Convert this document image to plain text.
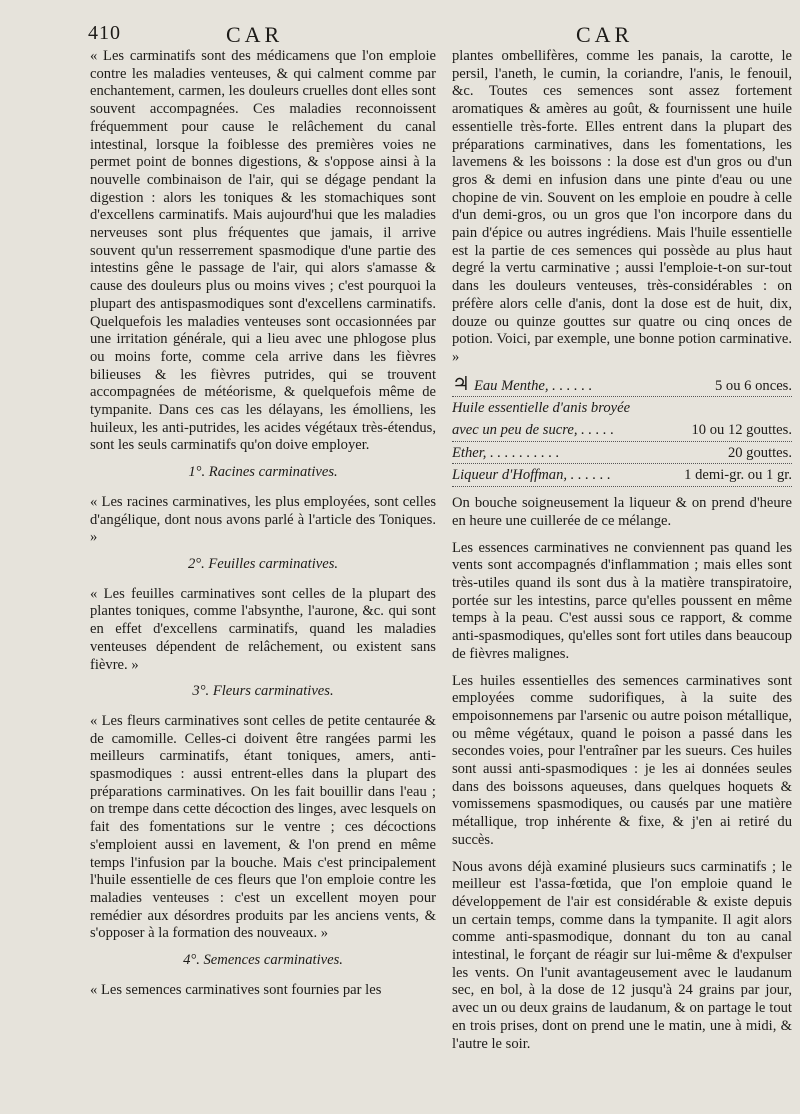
410	CAR	CAR

« Les carminatifs sont des médicamens que l'on emploie contre les maladies venteuses, & qui calment comme par enchantement, carmen, les douleurs cruelles dont elles sont souvent accompagnées. Ces maladies reconnoissent fréquemment pour cause le relâchement du canal intestinal, lorsque la foiblesse des premières voies ne permet point de bonnes digestions, & s'oppose ainsi à la nouvelle combinaison de l'air, qui se dégage pendant la digestion : alors les toniques & les stomachiques sont d'excellens carminatifs. Mais aujourd'hui que les maladies nerveuses sont plus fréquentes que jamais, il arrive souvent qu'un resserrement spasmodique d'une partie des intestins gêne le passage de l'air, qui alors s'amasse & cause des douleurs plus ou moins vives ; c'est pourquoi la plupart des antispasmodiques sont d'excellens carminatifs. Quelquefois les maladies venteuses sont occasionnées par une irritation générale, qui a lieu avec une phlogose plus ou moins forte, comme cela arrive dans les fièvres bilieuses & les fièvres putrides, qui se trouvent accompagnées de météorisme, & quelquefois même de tympanite. Dans ces cas les délayans, les émolliens, les huileux, les anti-putrides, les acides végétaux très-étendus, sont les seuls carminatifs qu'on doive employer.

1°. Racines carminatives.

« Les racines carminatives, les plus employées, sont celles d'angélique, dont nous avons parlé à l'article des Toniques. »

2°. Feuilles carminatives.

« Les feuilles carminatives sont celles de la plupart des plantes toniques, comme l'absynthe, l'aurone, &c. qui sont en effet d'excellens carminatifs, quand les maladies venteuses dépendent de relâchement, ou existent sans fièvre. »

3°. Fleurs carminatives.

« Les fleurs carminatives sont celles de petite centaurée & de camomille. Celles-ci doivent être rangées parmi les meilleurs carminatifs, étant toniques, amers, anti-spasmodiques : aussi entrent-elles dans la plupart des préparations carminatives. On les fait bouillir dans l'eau ; on trempe dans cette décoction des linges, avec lesquels on fait des fomentations sur le ventre ; ces décoctions s'emploient aussi en lavement, & l'on prend en même temps l'infusion par la bouche. Mais c'est principalement l'huile essentielle de ces fleurs que l'on emploie contre les maladies venteuses : c'est un excellent moyen pour remédier aux désordres produits par les anciens vents, & s'opposer à la formation des nouveaux. »

4°. Semences carminatives.

« Les semences carminatives sont fournies par les

plantes ombellifères, comme les panais, la carotte, le persil, l'aneth, le cumin, la coriandre, l'anis, le fenouil, &c. Toutes ces semences sont assez fortement aromatiques & amères au goût, & fournissent une huile essentielle très-forte. Elles entrent dans la plupart des préparations carminatives, dans les fomentations, les lavemens & les boissons : la dose est d'un gros ou d'un gros & demi en infusion dans une pinte d'eau ou une chopine de vin. Souvent on les emploie en poudre à celle d'un demi-gros, ou un gros que l'on incorpore dans du pain d'épice ou autres ingrédiens. Mais l'huile essentielle est la partie de ces semences qui possède au plus haut degré la vertu carminative ; aussi l'emploie-t-on sur-tout dans les douleurs venteuses, très-considérables : on préfère alors celle d'anis, dont la dose est de huit, dix, douze ou quinze gouttes sur quatre ou cinq onces de potion. Voici, par exemple, une bonne potion carminative. »

♃ Eau Menthe, . . . . . .	5 ou 6 onces.
Huile essentielle d'anis broyée
avec un peu de sucre, . . . . .	10 ou 12 gouttes.
Ether, . . . . . . . . . .	20 gouttes.
Liqueur d'Hoffman, . . . . . .	1 demi-gr. ou 1 gr.

On bouche soigneusement la liqueur & on prend d'heure en heure une cuillerée de ce mélange.

Les essences carminatives ne conviennent pas quand les vents sont accompagnés d'inflammation ; mais elles sont très-utiles quand ils sont dus à la matière transpiratoire, portée sur les intestins, parce qu'elles poussent en même temps à la peau. C'est aussi sous ce rapport, & comme anti-spasmodiques, qu'elles sont fort utiles dans beaucoup de fièvres malignes.

Les huiles essentielles des semences carminatives sont employées comme sudorifiques, à la suite des empoisonnemens par l'arsenic ou autre poison métallique, ou même végétaux, quand le poison a passé dans les secondes voies, pour l'entraîner par les sueurs. Ces huiles sont aussi anti-spasmodiques : je les ai données seules dans des boissons aqueuses, dans quelques hoquets & vomissemens spasmodiques, ou causés par une matière métallique, trop inhérente & fixe, & j'en ai retiré du succès.

Nous avons déjà examiné plusieurs sucs carminatifs ; le meilleur est l'assa-fœtida, que l'on emploie quand le développement de l'air est considérable & existe depuis un certain temps, comme dans la tympanite. Il agit alors comme anti-spasmodique, donnant du ton au canal intestinal, le forçant de réagir sur lui-même & d'expulser les vents. On l'unit avantageusement avec le laudanum sec, en bol, à la dose de 12 jusqu'à 24 grains par jour, avec un ou deux grains de laudanum, & on partage le tout en trois prises, dont on prend une le matin, une à midi, & l'autre le soir.
